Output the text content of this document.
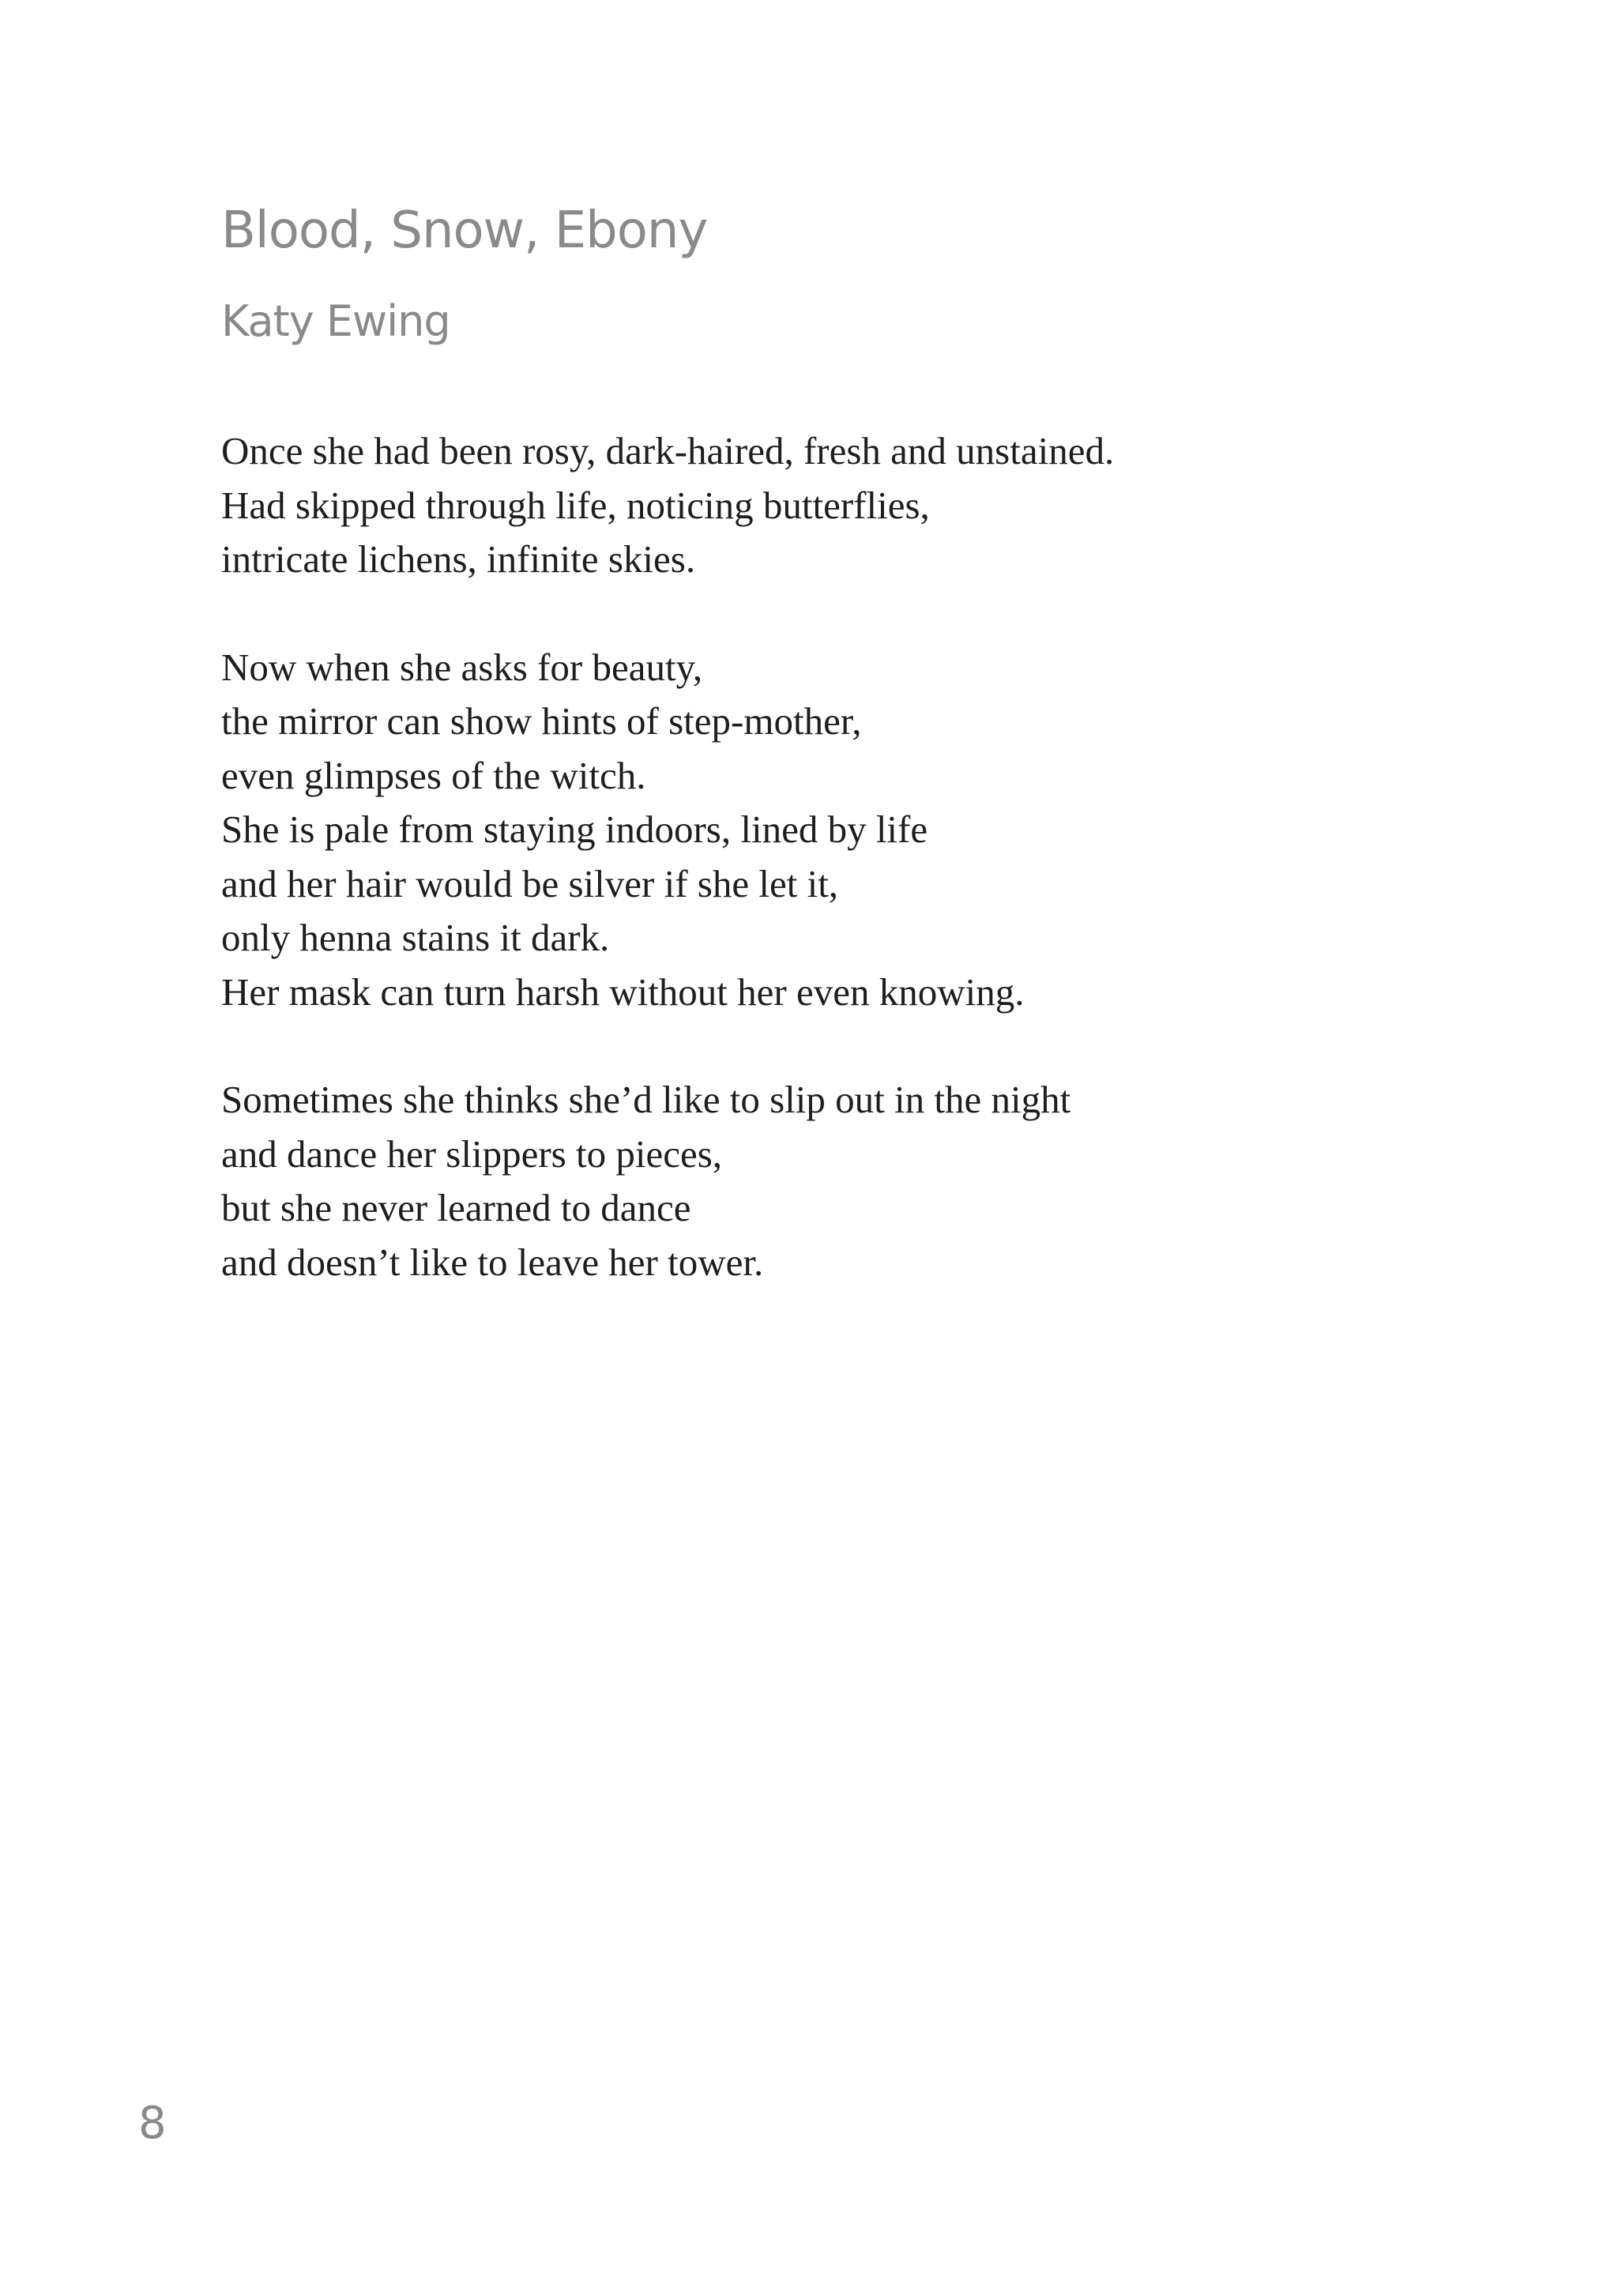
Blood, Snow, Ebony
Katy Ewing
Once she had been rosy, dark-haired, fresh and unstained.
Had skipped through life, noticing butterflies,
intricate lichens, infinite skies.
Now when she asks for beauty,
the mirror can show hints of step-mother,
even glimpses of the witch.
She is pale from staying indoors, lined by life
and her hair would be silver if she let it,
only henna stains it dark.
Her mask can turn harsh without her even knowing.
Sometimes she thinks she’d like to slip out in the night
and dance her slippers to pieces,
but she never learned to dance
and doesn’t like to leave her tower.
8
